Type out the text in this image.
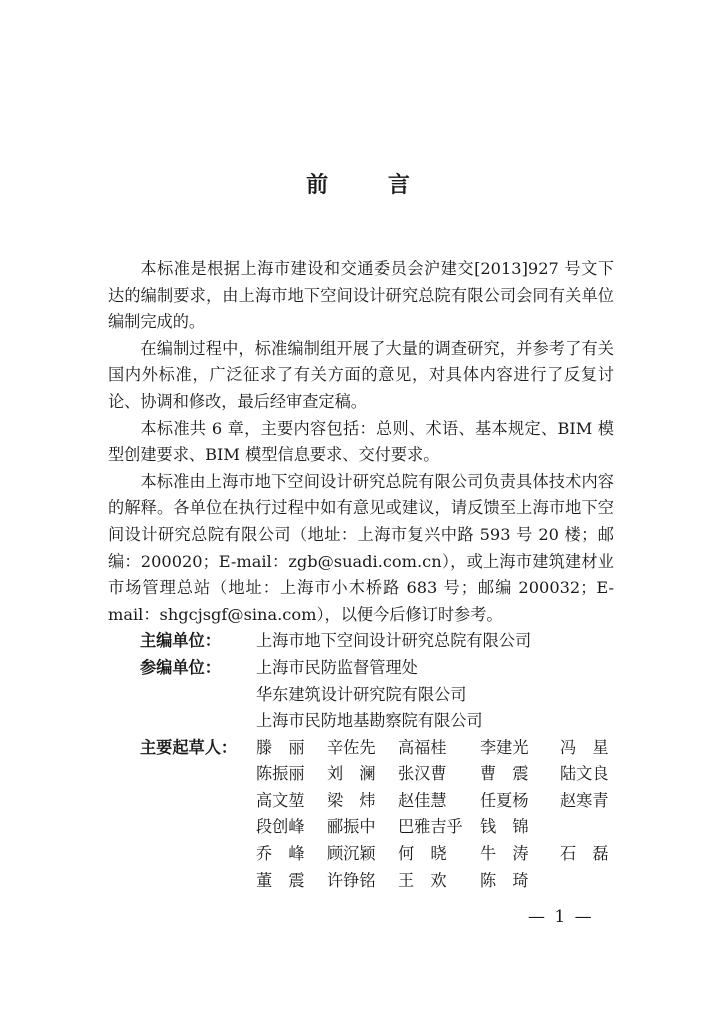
前 言

本标准是根据上海市建设和交通委员会沪建交[2013]927 号文下达的编制要求，由上海市地下空间设计研究总院有限公司会同有关单位编制完成的。

在编制过程中，标准编制组开展了大量的调查研究，并参考了有关国内外标准，广泛征求了有关方面的意见，对具体内容进行了反复讨论、协调和修改，最后经审查定稿。

本标准共 6 章，主要内容包括：总则、术语、基本规定、BIM 模型创建要求、BIM 模型信息要求、交付要求。

本标准由上海市地下空间设计研究总院有限公司负责具体技术内容的解释。各单位在执行过程中如有意见或建议，请反馈至上海市地下空间设计研究总院有限公司（地址：上海市复兴中路 593 号 20 楼；邮编：200020；E-mail：zgb@suadi.com.cn），或上海市建筑建材业市场管理总站（地址：上海市小木桥路 683 号；邮编 200032；E-mail：shgcjsgf@sina.com），以便今后修订时参考。

主编单位： 上海市地下空间设计研究总院有限公司
参编单位： 上海市民防监督管理处
华东建筑设计研究院有限公司
上海市民防地基勘察院有限公司
主要起草人： 滕　丽	辛佐先	高福桂	李建光	冯　星
陈振丽	刘　澜	张汉曹	曹　震	陆文良
高文堃	梁　炜	赵佳慧	任夏杨	赵寒青
段创峰	郦振中	巴雅吉乎	钱　锦
乔　峰	顾沉颖	何　晓	牛　涛	石　磊
董　震	许铮铭	王　欢	陈　琦
— 1 —
